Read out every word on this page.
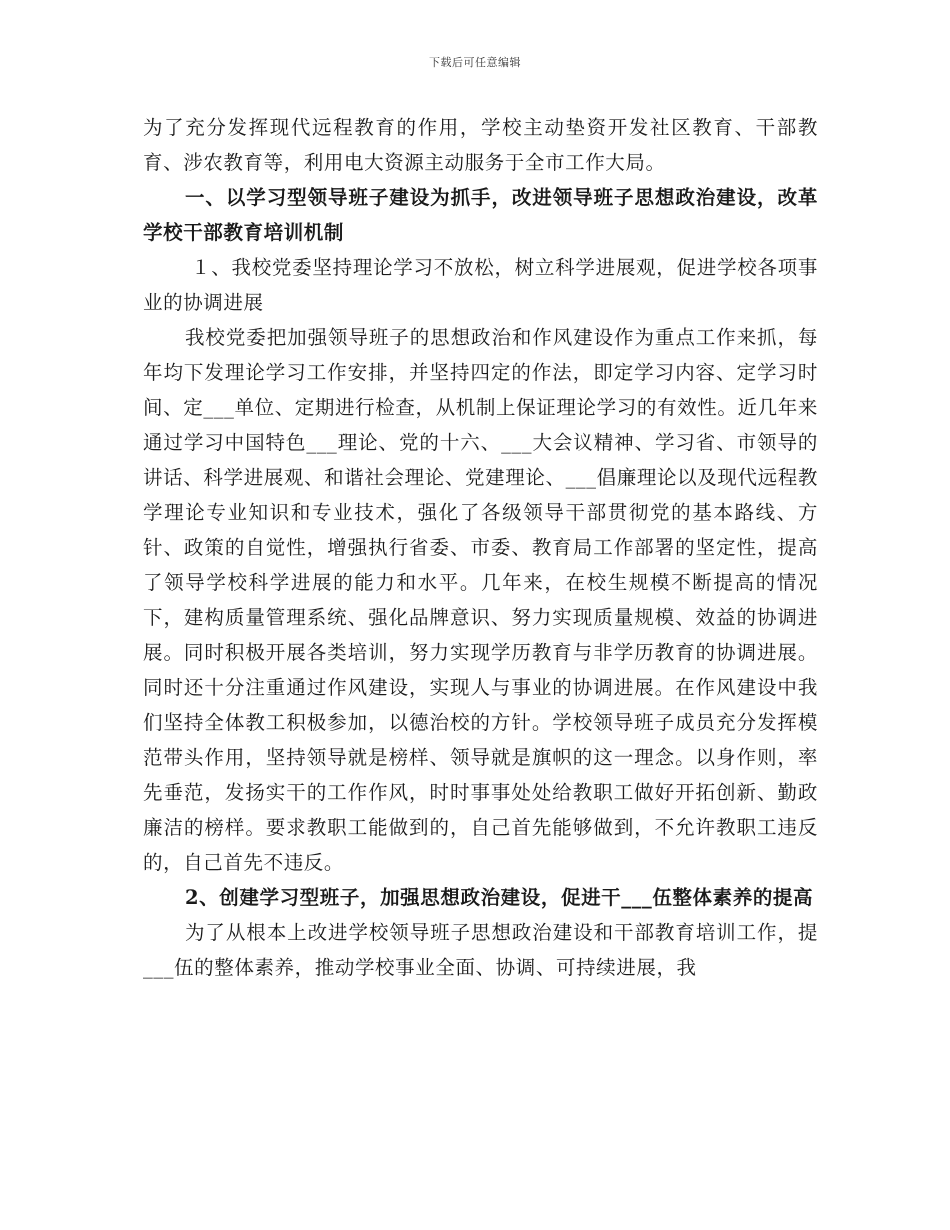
下载后可任意编辑

为了充分发挥现代远程教育的作用，学校主动垫资开发社区教育、干部教育、涉农教育等，利用电大资源主动服务于全市工作大局。

一、以学习型领导班子建设为抓手，改进领导班子思想政治建设，改革学校干部教育培训机制

１、我校党委坚持理论学习不放松，树立科学进展观，促进学校各项事业的协调进展

我校党委把加强领导班子的思想政治和作风建设作为重点工作来抓，每年均下发理论学习工作安排，并坚持四定的作法，即定学习内容、定学习时间、定___单位、定期进行检查，从机制上保证理论学习的有效性。近几年来通过学习中国特色___理论、党的十六、___大会议精神、学习省、市领导的讲话、科学进展观、和谐社会理论、党建理论、___倡廉理论以及现代远程教学理论专业知识和专业技术，强化了各级领导干部贯彻党的基本路线、方针、政策的自觉性，增强执行省委、市委、教育局工作部署的坚定性，提高了领导学校科学进展的能力和水平。几年来，在校生规模不断提高的情况下，建构质量管理系统、强化品牌意识、努力实现质量规模、效益的协调进展。同时积极开展各类培训，努力实现学历教育与非学历教育的协调进展。同时还十分注重通过作风建设，实现人与事业的协调进展。在作风建设中我们坚持全体教工积极参加，以德治校的方针。学校领导班子成员充分发挥模范带头作用，坚持领导就是榜样、领导就是旗帜的这一理念。以身作则，率先垂范，发扬实干的工作作风，时时事事处处给教职工做好开拓创新、勤政廉洁的榜样。要求教职工能做到的，自己首先能够做到，不允许教职工违反的，自己首先不违反。

2、创建学习型班子，加强思想政治建设，促进干___伍整体素养的提高

为了从根本上改进学校领导班子思想政治建设和干部教育培训工作，提___伍的整体素养，推动学校事业全面、协调、可持续进展，我
